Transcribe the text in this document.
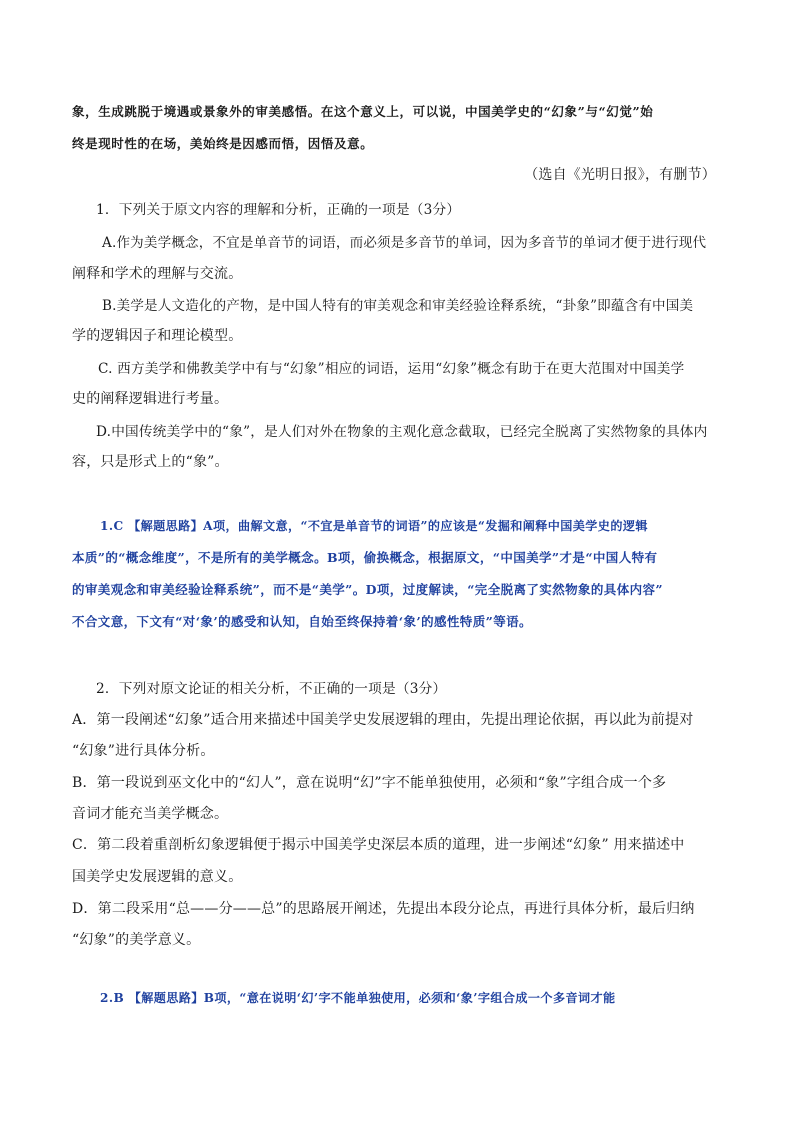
象，生成跳脱于境遇或景象外的审美感悟。在这个意义上，可以说，中国美学史的“幻象”与“幻觉”始
终是现时性的在场，美始终是因感而悟，因悟及意。
（选自《光明日报》，有删节）
1．下列关于原文内容的理解和分析，正确的一项是（3分）
A.作为美学概念，不宜是单音节的词语，而必须是多音节的单词，因为多音节的单词才便于进行现代
阐释和学术的理解与交流。
B.美学是人文造化的产物，是中国人特有的审美观念和审美经验诠释系统，“卦象”即蕴含有中国美
学的逻辑因子和理论模型。
C. 西方美学和佛教美学中有与“幻象”相应的词语，运用“幻象”概念有助于在更大范围对中国美学
史的阐释逻辑进行考量。
D.中国传统美学中的“象”，是人们对外在物象的主观化意念截取，已经完全脱离了实然物象的具体内
容，只是形式上的“象”。
1.C 【解题思路】A项，曲解文意，“不宜是单音节的词语”的应该是“发掘和阐释中国美学史的逻辑
本质”的“概念维度”，不是所有的美学概念。B项，偷换概念，根据原文，“中国美学”才是“中国人特有
的审美观念和审美经验诠释系统”，而不是“美学”。D项，过度解读，“完全脱离了实然物象的具体内容”
不合文意，下文有“对‘象’的感受和认知，自始至终保持着‘象’的感性特质”等语。
2．下列对原文论证的相关分析，不正确的一项是（3分）
A．第一段阐述“幻象”适合用来描述中国美学史发展逻辑的理由，先提出理论依据，再以此为前提对
“幻象”进行具体分析。
B．第一段说到巫文化中的“幻人”，意在说明“幻”字不能单独使用，必须和“象”字组合成一个多
音词才能充当美学概念。
C．第二段着重剖析幻象逻辑便于揭示中国美学史深层本质的道理，进一步阐述“幻象” 用来描述中
国美学史发展逻辑的意义。
D．第二段采用“总——分——总”的思路展开阐述，先提出本段分论点，再进行具体分析，最后归纳
“幻象”的美学意义。
2.B 【解题思路】B项，“意在说明‘幻’字不能单独使用，必须和‘象’字组合成一个多音词才能
